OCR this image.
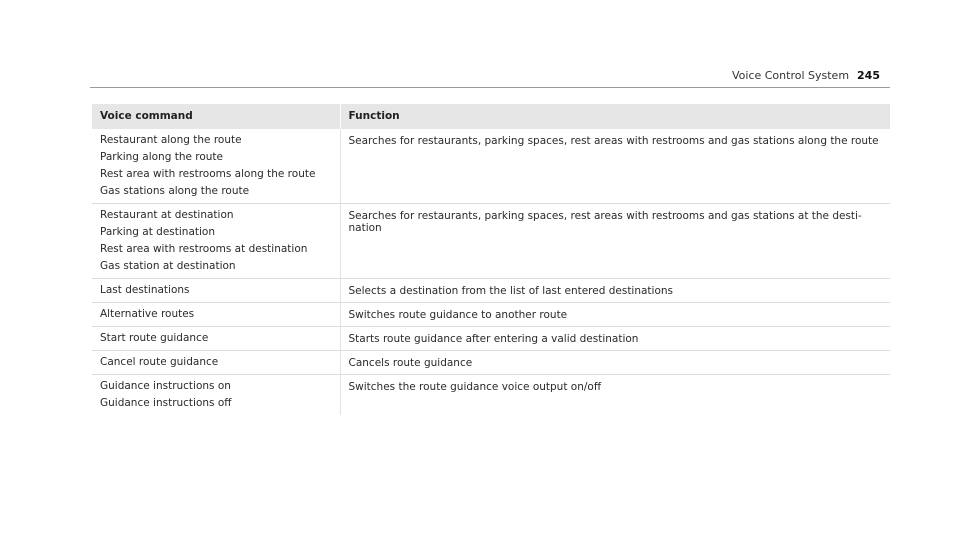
Voice Control System 245
Voice command	Function

Restaurant along the route
Parking along the route
Rest area with restrooms along the route
Gas stations along the route	Searches for restaurants, parking spaces, rest areas with restrooms and gas stations along the route

Restaurant at destination
Parking at destination
Rest area with restrooms at destination
Gas station at destination	Searches for restaurants, parking spaces, rest areas with restrooms and gas stations at the desti- nation

Last destinations	Selects a destination from the list of last entered destinations

Alternative routes	Switches route guidance to another route

Start route guidance	Starts route guidance after entering a valid destination

Cancel route guidance	Cancels route guidance

Guidance instructions on
Guidance instructions off	Switches the route guidance voice output on/off
